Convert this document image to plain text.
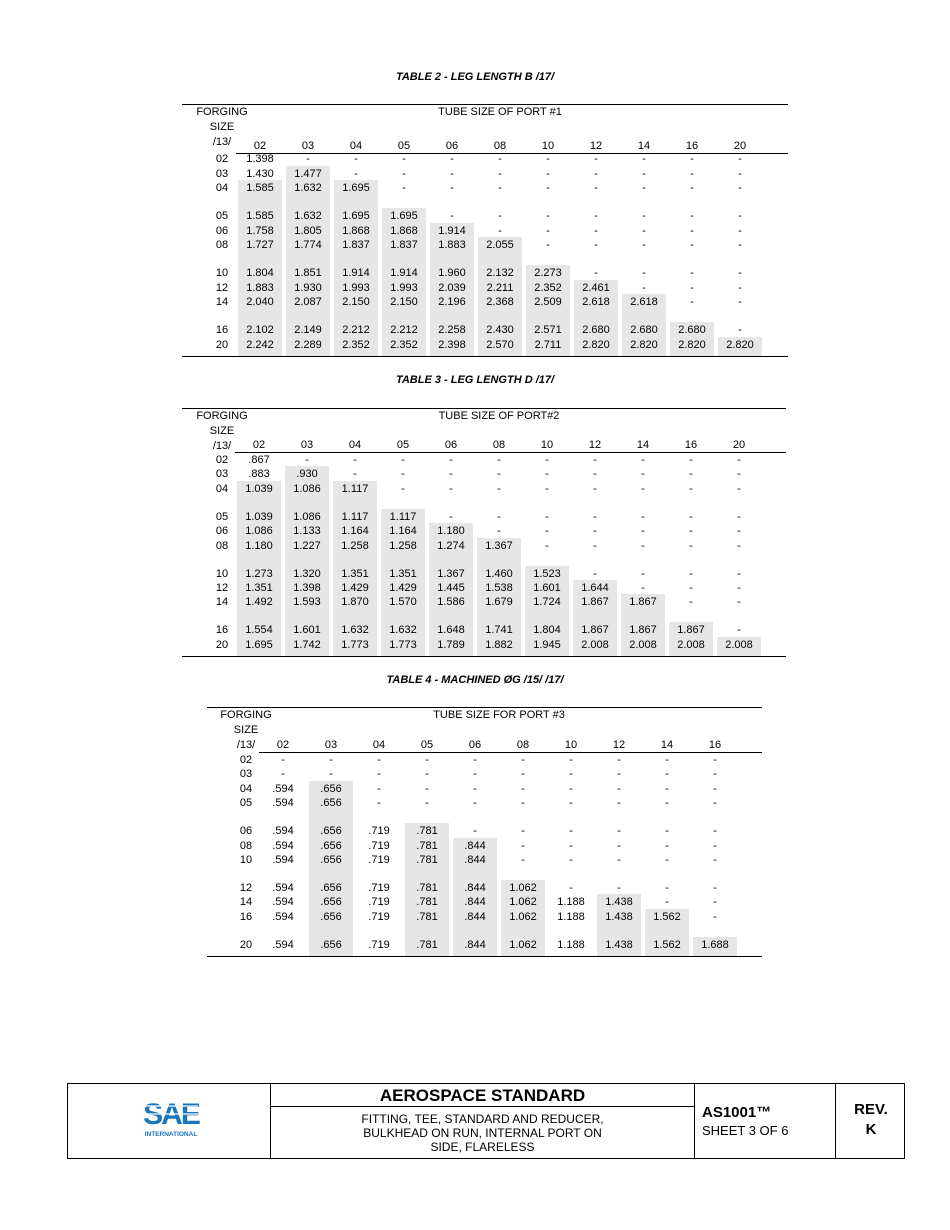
TABLE 2 - LEG LENGTH B /17/
TABLE 3 - LEG LENGTH D /17/
TABLE 4 - MACHINED ØG /15/ /17/
FORGING
SIZE
/13/
TUBE SIZE OF PORT #1
02	03	04	05	06	08	10	12	14	16	20
02	1.398	-	-	-	-	-	-	-	-	-	-
03	1.430	1.477	-	-	-	-	-	-	-	-	-
04	1.585	1.632	1.695	-	-	-	-	-	-	-	-
05	1.585	1.632	1.695	1.695	-	-	-	-	-	-	-
06	1.758	1.805	1.868	1.868	1.914	-	-	-	-	-	-
08	1.727	1.774	1.837	1.837	1.883	2.055	-	-	-	-	-
10	1.804	1.851	1.914	1.914	1.960	2.132	2.273	-	-	-	-
12	1.883	1.930	1.993	1.993	2.039	2.211	2.352	2.461	-	-	-
14	2.040	2.087	2.150	2.150	2.196	2.368	2.509	2.618	2.618	-	-
16	2.102	2.149	2.212	2.212	2.258	2.430	2.571	2.680	2.680	2.680	-
20	2.242	2.289	2.352	2.352	2.398	2.570	2.711	2.820	2.820	2.820	2.820
FORGING
SIZE
/13/
TUBE SIZE OF PORT#2
02	03	04	05	06	08	10	12	14	16	20
02	.867	-	-	-	-	-	-	-	-	-	-
03	.883	.930	-	-	-	-	-	-	-	-	-
04	1.039	1.086	1.117	-	-	-	-	-	-	-	-
05	1.039	1.086	1.117	1.117	-	-	-	-	-	-	-
06	1.086	1.133	1.164	1.164	1.180	-	-	-	-	-	-
08	1.180	1.227	1.258	1.258	1.274	1.367	-	-	-	-	-
10	1.273	1.320	1.351	1.351	1.367	1.460	1.523	-	-	-	-
12	1.351	1.398	1.429	1.429	1.445	1.538	1.601	1.644	-	-	-
14	1.492	1.593	1.870	1.570	1.586	1.679	1.724	1.867	1.867	-	-
16	1.554	1.601	1.632	1.632	1.648	1.741	1.804	1.867	1.867	1.867	-
20	1.695	1.742	1.773	1.773	1.789	1.882	1.945	2.008	2.008	2.008	2.008
FORGING
SIZE
/13/
TUBE SIZE FOR PORT #3
02	03	04	05	06	08	10	12	14	16
02	-	-	-	-	-	-	-	-	-	-
03	-	-	-	-	-	-	-	-	-	-
04	.594	.656	-	-	-	-	-	-	-	-
05	.594	.656	-	-	-	-	-	-	-	-
06	.594	.656	.719	.781	-	-	-	-	-	-
08	.594	.656	.719	.781	.844	-	-	-	-	-
10	.594	.656	.719	.781	.844	-	-	-	-	-
12	.594	.656	.719	.781	.844	1.062	-	-	-	-
14	.594	.656	.719	.781	.844	1.062	1.188	1.438	-	-
16	.594	.656	.719	.781	.844	1.062	1.188	1.438	1.562	-
20	.594	.656	.719	.781	.844	1.062	1.188	1.438	1.562	1.688
SAE
INTERNATIONAL
AEROSPACE STANDARD
FITTING, TEE, STANDARD AND REDUCER,
BULKHEAD ON RUN, INTERNAL PORT ON
SIDE, FLARELESS
AS1001™
SHEET 3 OF 6
REV.
K
